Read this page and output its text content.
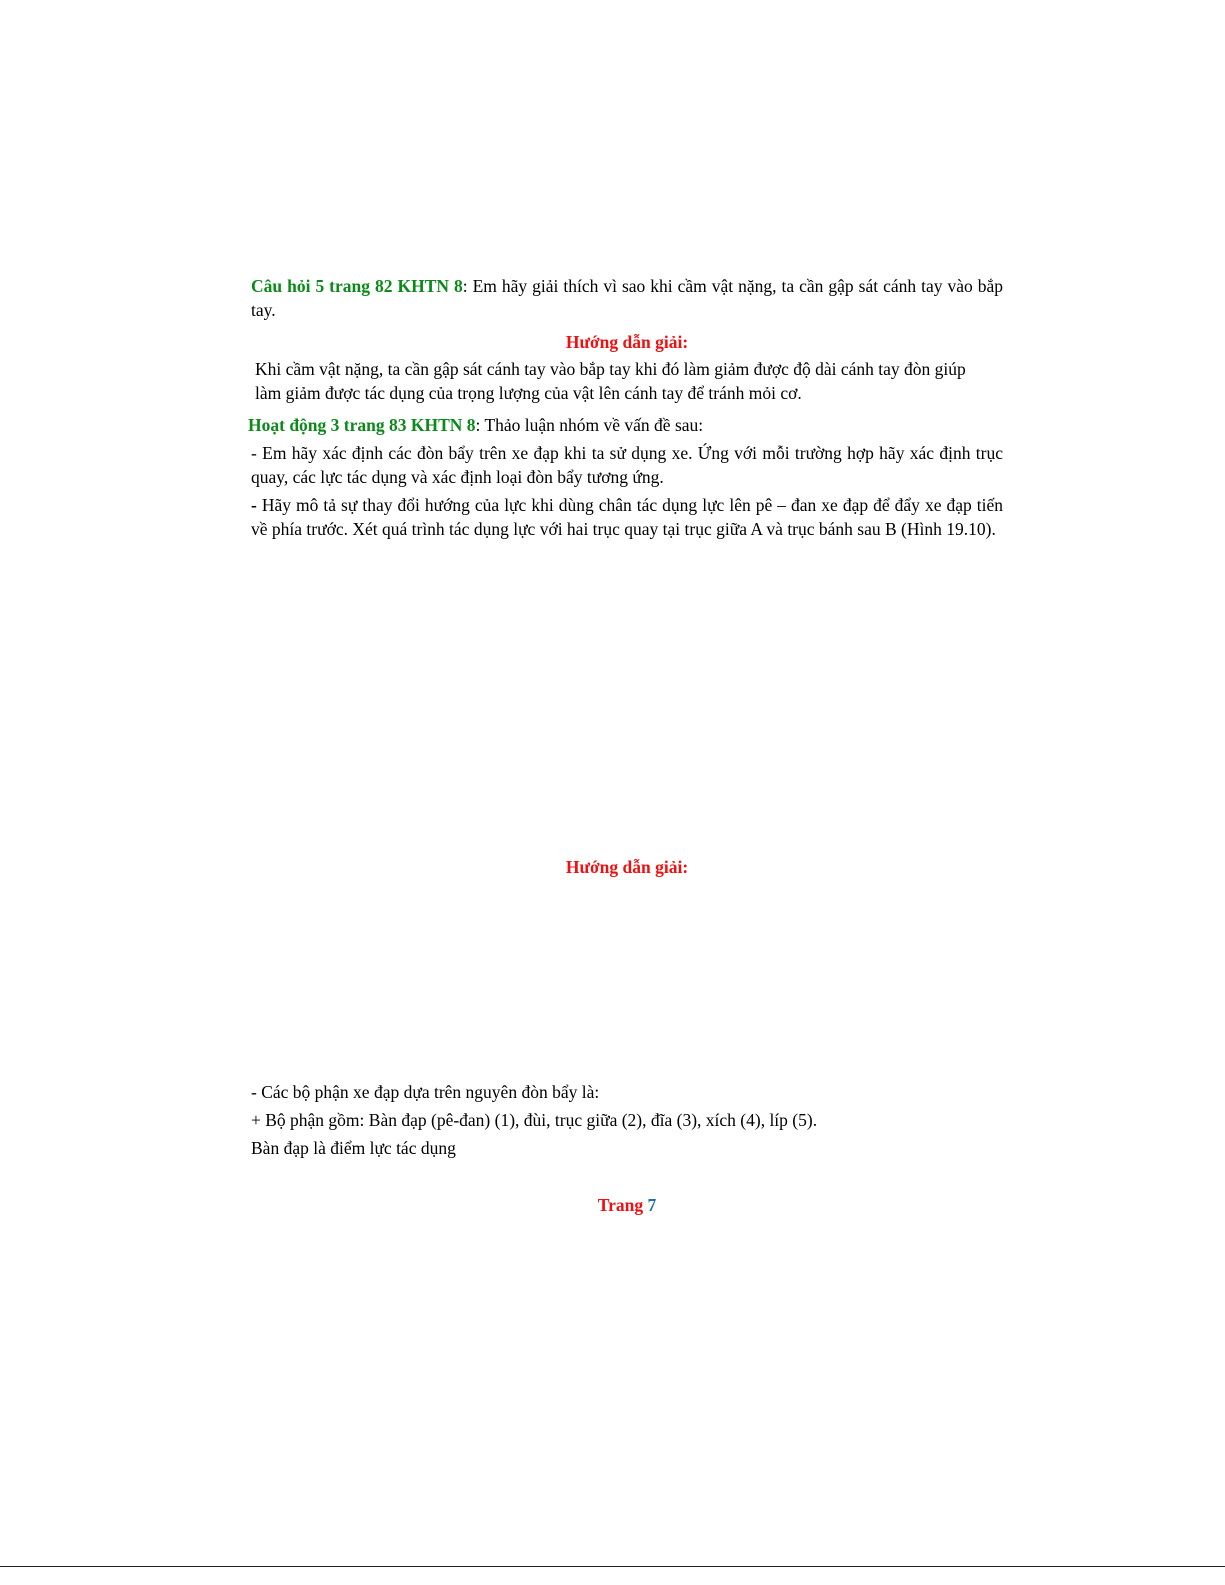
Câu hỏi 5 trang 82 KHTN 8: Em hãy giải thích vì sao khi cầm vật nặng, ta cần gập sát cánh tay vào bắp tay.

Hướng dẫn giải:

Khi cầm vật nặng, ta cần gập sát cánh tay vào bắp tay khi đó làm giảm được độ dài cánh tay đòn giúp
làm giảm được tác dụng của trọng lượng của vật lên cánh tay để tránh mỏi cơ.

Hoạt động 3 trang 83 KHTN 8: Thảo luận nhóm về vấn đề sau:

- Em hãy xác định các đòn bẩy trên xe đạp khi ta sử dụng xe. Ứng với mỗi trường hợp hãy xác định trục quay, các lực tác dụng và xác định loại đòn bẩy tương ứng.

- Hãy mô tả sự thay đổi hướng của lực khi dùng chân tác dụng lực lên pê – đan xe đạp để đẩy xe đạp tiến về phía trước. Xét quá trình tác dụng lực với hai trục quay tại trục giữa A và trục bánh sau B (Hình 19.10).

Hướng dẫn giải:

- Các bộ phận xe đạp dựa trên nguyên đòn bẩy là:
+ Bộ phận gồm: Bàn đạp (pê-đan) (1), đùi, trục giữa (2), đĩa (3), xích (4), líp (5).
Bàn đạp là điểm lực tác dụng

Trang 7
